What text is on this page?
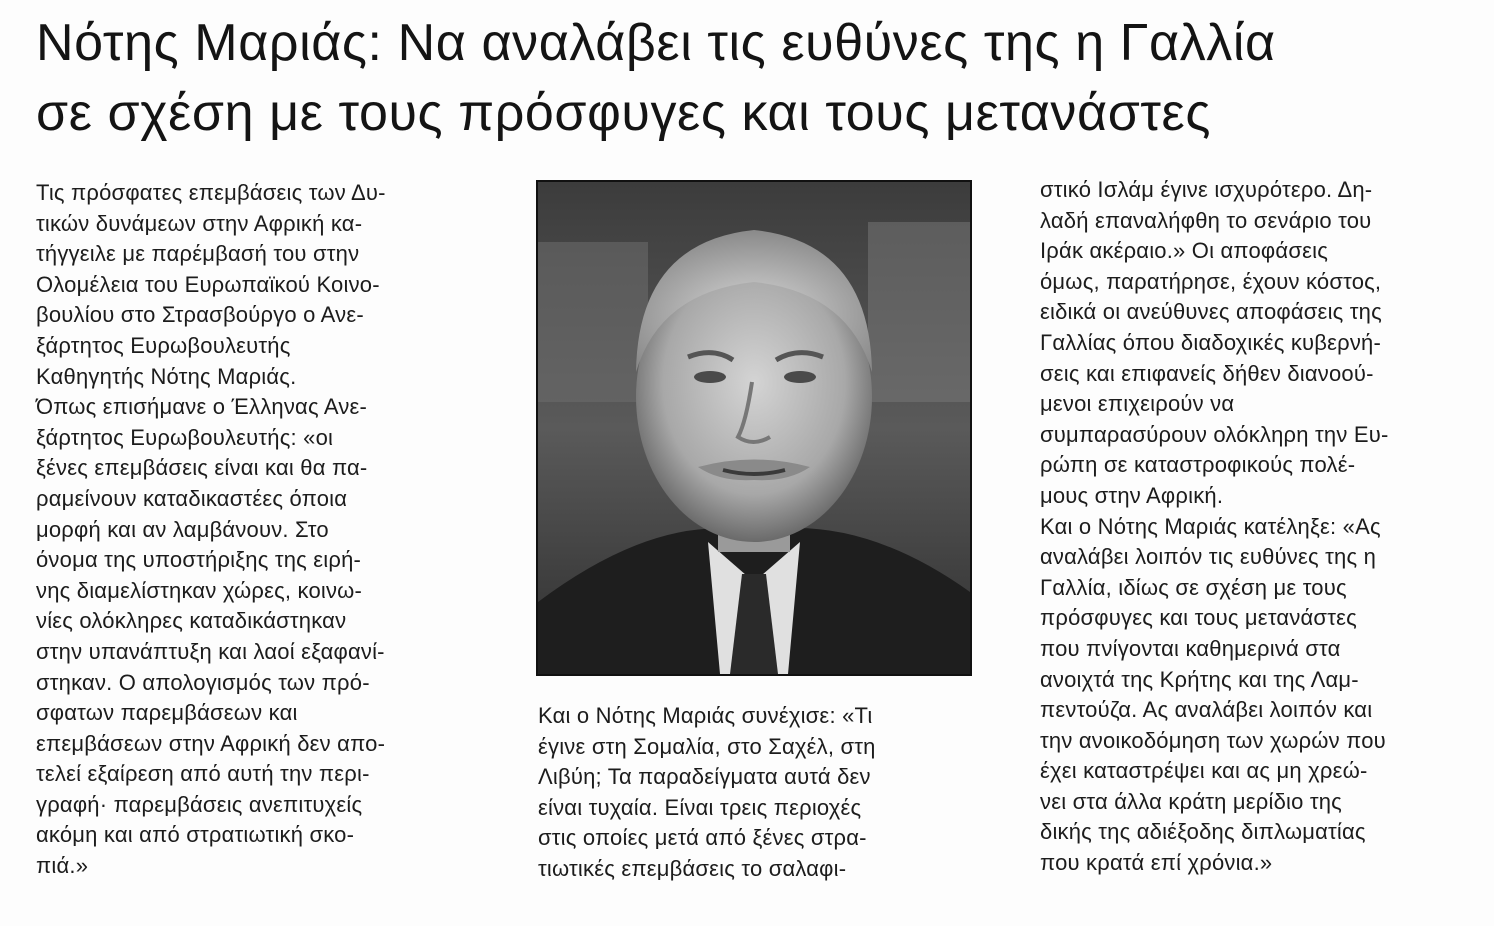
Νότης Μαριάς: Να αναλάβει τις ευθύνες της η Γαλλία
σε σχέση με τους πρόσφυγες και τους μετανάστες
Τις πρόσφατες επεμβάσεις των Δυ-
τικών δυνάμεων στην Αφρική κα-
τήγγειλε με παρέμβασή του στην
Ολομέλεια του Ευρωπαϊκού Κοινο-
βουλίου στο Στρασβούργο ο Ανε-
ξάρτητος Ευρωβουλευτής
Καθηγητής Νότης Μαριάς.
Όπως επισήμανε ο Έλληνας Ανε-
ξάρτητος Ευρωβουλευτής: «οι
ξένες επεμβάσεις είναι και θα πα-
ραμείνουν καταδικαστέες όποια
μορφή και αν λαμβάνουν. Στο
όνομα της υποστήριξης της ειρή-
νης διαμελίστηκαν χώρες, κοινω-
νίες ολόκληρες καταδικάστηκαν
στην υπανάπτυξη και λαοί εξαφανί-
στηκαν. Ο απολογισμός των πρό-
σφατων παρεμβάσεων και
επεμβάσεων στην Αφρική δεν απο-
τελεί εξαίρεση από αυτή την περι-
γραφή· παρεμβάσεις ανεπιτυχείς
ακόμη και από στρατιωτική σκο-
πιά.»
Και ο Νότης Μαριάς συνέχισε: «Τι
έγινε στη Σομαλία, στο Σαχέλ, στη
Λιβύη; Τα παραδείγματα αυτά δεν
είναι τυχαία. Είναι τρεις περιοχές
στις οποίες μετά από ξένες στρα-
τιωτικές επεμβάσεις το σαλαφι-
στικό Ισλάμ έγινε ισχυρότερο. Δη-
λαδή επαναλήφθη το σενάριο του
Ιράκ ακέραιο.» Οι αποφάσεις
όμως, παρατήρησε, έχουν κόστος,
ειδικά οι ανεύθυνες αποφάσεις της
Γαλλίας όπου διαδοχικές κυβερνή-
σεις και επιφανείς δήθεν διανοού-
μενοι επιχειρούν να
συμπαρασύρουν ολόκληρη την Ευ-
ρώπη σε καταστροφικούς πολέ-
μους στην Αφρική.
Και ο Νότης Μαριάς κατέληξε: «Ας
αναλάβει λοιπόν τις ευθύνες της η
Γαλλία, ιδίως σε σχέση με τους
πρόσφυγες και τους μετανάστες
που πνίγονται καθημερινά στα
ανοιχτά της Κρήτης και της Λαμ-
πεντούζα. Ας αναλάβει λοιπόν και
την ανοικοδόμηση των χωρών που
έχει καταστρέψει και ας μη χρεώ-
νει στα άλλα κράτη μερίδιο της
δικής της αδιέξοδης διπλωματίας
που κρατά επί χρόνια.»
